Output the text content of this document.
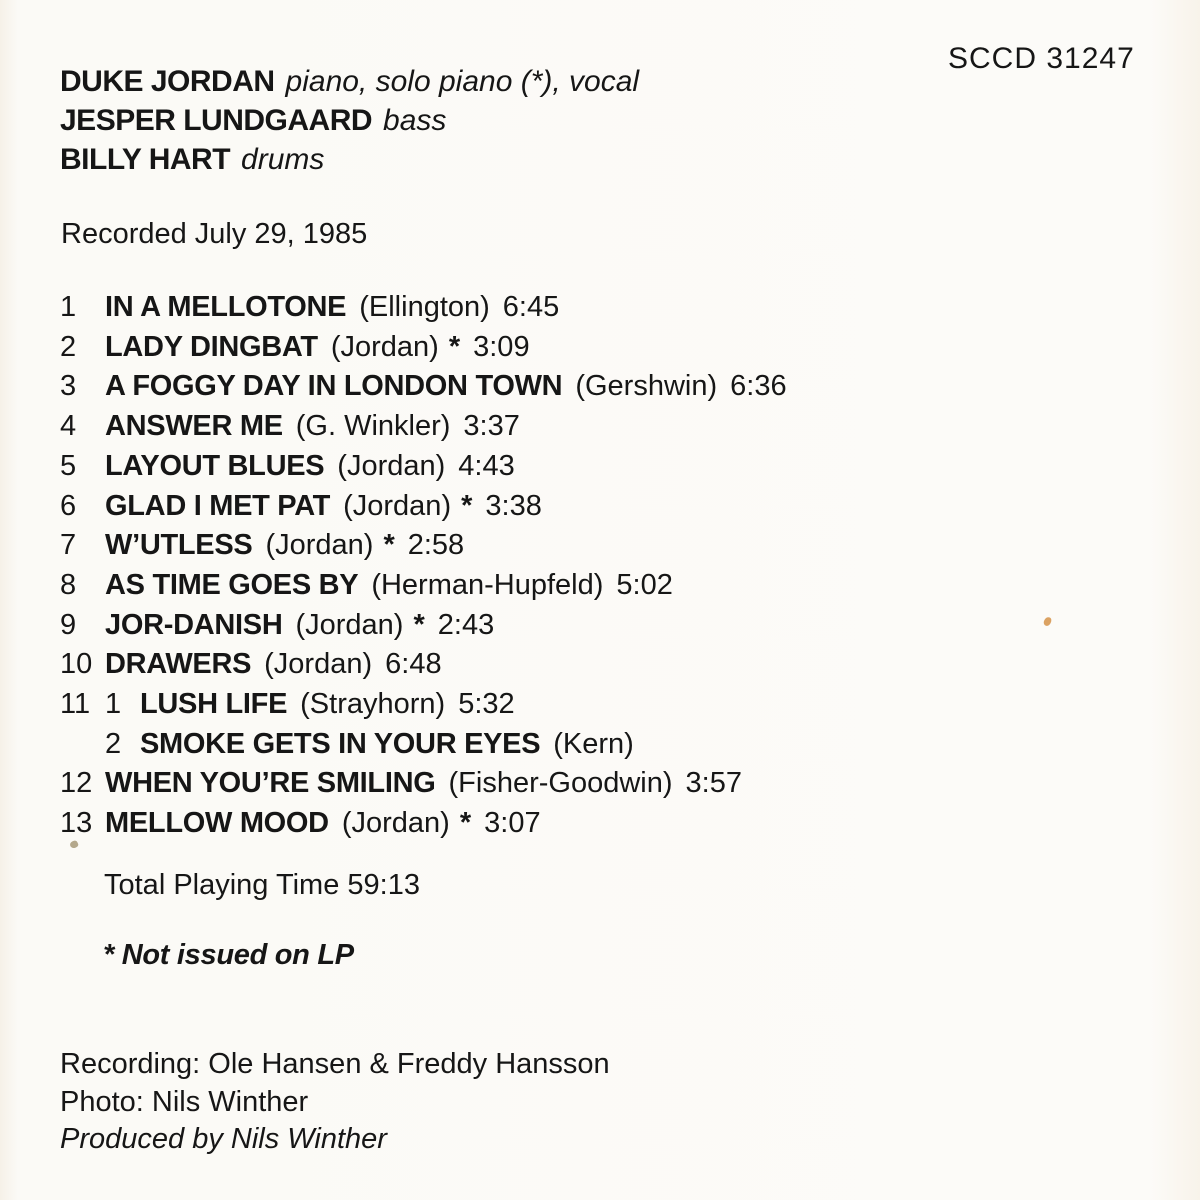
SCCD 31247
DUKE JORDAN piano, solo piano (*), vocal
JESPER LUNDGAARD bass
BILLY HART drums
Recorded July 29, 1985
1 IN A MELLOTONE (Ellington) 6:45
2 LADY DINGBAT (Jordan) * 3:09
3 A FOGGY DAY IN LONDON TOWN (Gershwin) 6:36
4 ANSWER ME (G. Winkler) 3:37
5 LAYOUT BLUES (Jordan) 4:43
6 GLAD I MET PAT (Jordan) * 3:38
7 W’UTLESS (Jordan) * 2:58
8 AS TIME GOES BY (Herman-Hupfeld) 5:02
9 JOR-DANISH (Jordan) * 2:43
10 DRAWERS (Jordan) 6:48
11 1 LUSH LIFE (Strayhorn) 5:32
2 SMOKE GETS IN YOUR EYES (Kern)
12 WHEN YOU’RE SMILING (Fisher-Goodwin) 3:57
13 MELLOW MOOD (Jordan) * 3:07
Total Playing Time 59:13
* Not issued on LP
Recording: Ole Hansen & Freddy Hansson
Photo: Nils Winther
Produced by Nils Winther
